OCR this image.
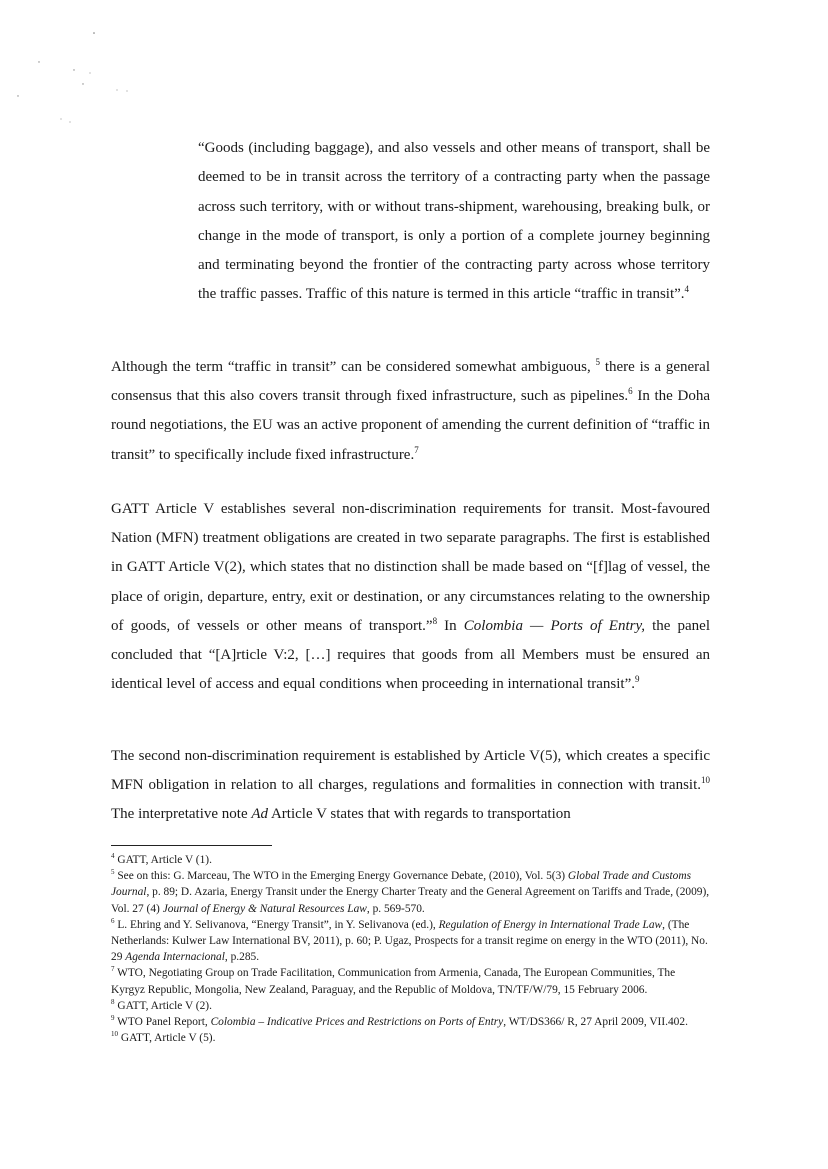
“Goods (including baggage), and also vessels and other means of transport, shall be deemed to be in transit across the territory of a contracting party when the passage across such territory, with or without trans-shipment, warehousing, breaking bulk, or change in the mode of transport, is only a portion of a complete journey beginning and terminating beyond the frontier of the contracting party across whose territory the traffic passes. Traffic of this nature is termed in this article “traffic in transit”.$^4$

Although the term “traffic in transit” can be considered somewhat ambiguous, $^5$ there is a general consensus that this also covers transit through fixed infrastructure, such as pipelines.$^6$ In the Doha round negotiations, the EU was an active proponent of amending the current definition of “traffic in transit” to specifically include fixed infrastructure.$^7$

GATT Article V establishes several non-discrimination requirements for transit. Most-favoured Nation (MFN) treatment obligations are created in two separate paragraphs. The first is established in GATT Article V(2), which states that no distinction shall be made based on “[f]lag of vessel, the place of origin, departure, entry, exit or destination, or any circumstances relating to the ownership of goods, of vessels or other means of transport.”$^8$ In Colombia — Ports of Entry, the panel concluded that “[A]rticle V:2, […] requires that goods from all Members must be ensured an identical level of access and equal conditions when proceeding in international transit”.$^9$

The second non-discrimination requirement is established by Article V(5), which creates a specific MFN obligation in relation to all charges, regulations and formalities in connection with transit.$^{10}$ The interpretative note Ad Article V states that with regards to transportation

$^4$ GATT, Article V (1).
$^5$ See on this: G. Marceau, The WTO in the Emerging Energy Governance Debate, (2010), Vol. 5(3) Global Trade and Customs Journal, p. 89; D. Azaria, Energy Transit under the Energy Charter Treaty and the General Agreement on Tariffs and Trade, (2009), Vol. 27 (4) Journal of Energy & Natural Resources Law, p. 569-570.
$^6$ L. Ehring and Y. Selivanova, “Energy Transit”, in Y. Selivanova (ed.), Regulation of Energy in International Trade Law, (The Netherlands: Kulwer Law International BV, 2011), p. 60; P. Ugaz, Prospects for a transit regime on energy in the WTO (2011), No. 29 Agenda Internacional, p.285.
$^7$ WTO, Negotiating Group on Trade Facilitation, Communication from Armenia, Canada, The European Communities, The Kyrgyz Republic, Mongolia, New Zealand, Paraguay, and the Republic of Moldova, TN/TF/W/79, 15 February 2006.
$^8$ GATT, Article V (2).
$^9$ WTO Panel Report, Colombia – Indicative Prices and Restrictions on Ports of Entry, WT/DS366/ R, 27 April 2009, VII.402.
$^{10}$ GATT, Article V (5).
